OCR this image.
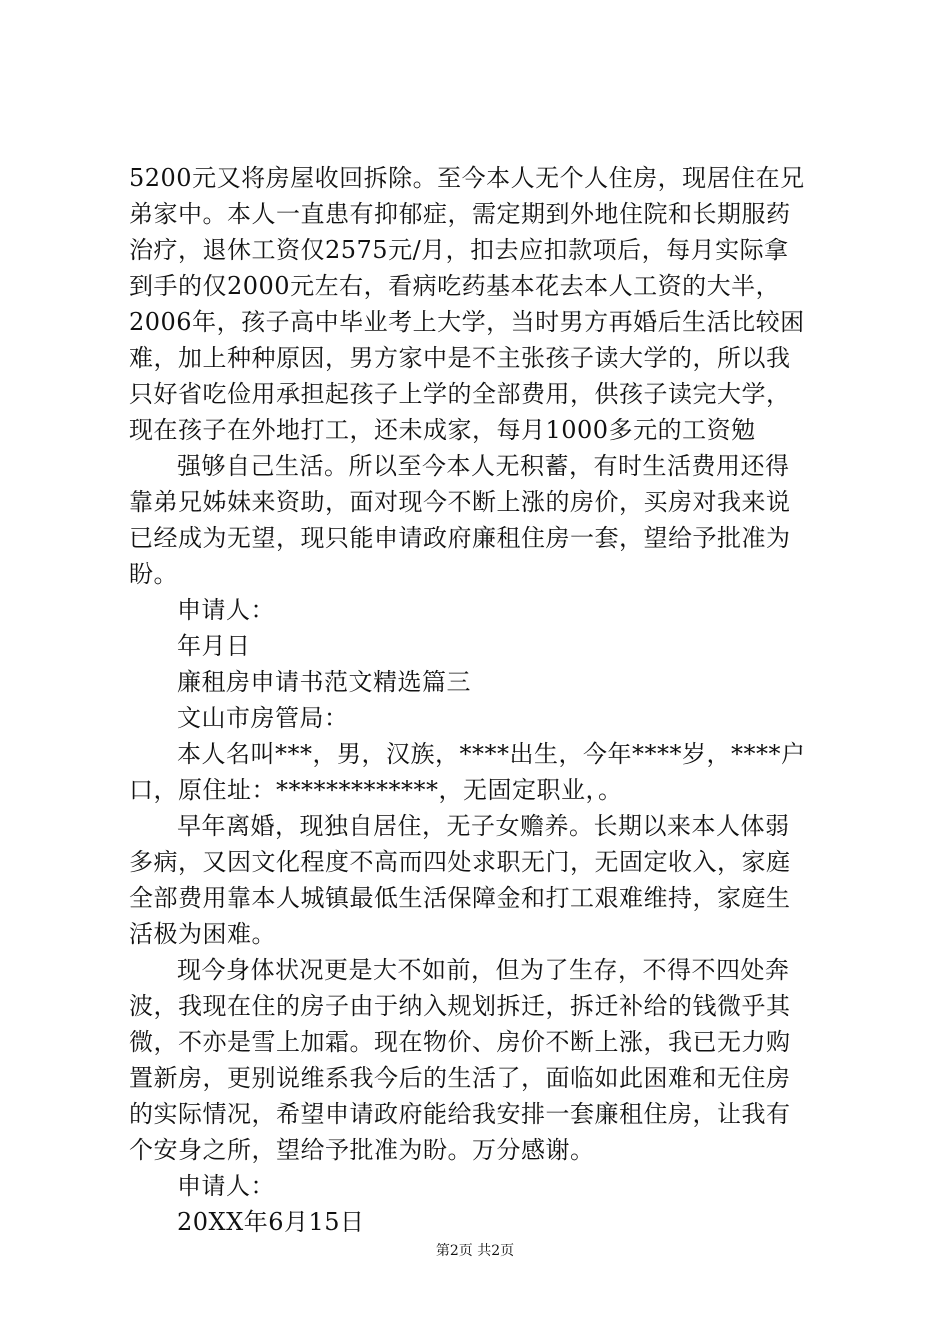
5200元又将房屋收回拆除。至今本人无个人住房，现居住在兄
弟家中。本人一直患有抑郁症，需定期到外地住院和长期服药
治疗，退休工资仅2575元/月，扣去应扣款项后，每月实际拿
到手的仅2000元左右，看病吃药基本花去本人工资的大半，
2006年，孩子高中毕业考上大学，当时男方再婚后生活比较困
难，加上种种原因，男方家中是不主张孩子读大学的，所以我
只好省吃俭用承担起孩子上学的全部费用，供孩子读完大学，
现在孩子在外地打工，还未成家，每月1000多元的工资勉
强够自己生活。所以至今本人无积蓄，有时生活费用还得
靠弟兄姊妹来资助，面对现今不断上涨的房价，买房对我来说
已经成为无望，现只能申请政府廉租住房一套，望给予批准为
盼。
申请人：
年月日
廉租房申请书范文精选篇三
文山市房管局：
本人名叫***，男，汉族，****出生，今年****岁，****户
口，原住址：*************，无固定职业，。
早年离婚，现独自居住，无子女赡养。长期以来本人体弱
多病，又因文化程度不高而四处求职无门，无固定收入，家庭
全部费用靠本人城镇最低生活保障金和打工艰难维持，家庭生
活极为困难。
现今身体状况更是大不如前，但为了生存，不得不四处奔
波，我现在住的房子由于纳入规划拆迁，拆迁补给的钱微乎其
微，不亦是雪上加霜。现在物价、房价不断上涨，我已无力购
置新房，更别说维系我今后的生活了，面临如此困难和无住房
的实际情况，希望申请政府能给我安排一套廉租住房，让我有
个安身之所，望给予批准为盼。万分感谢。
申请人：
20XX年6月15日
第2页 共2页
